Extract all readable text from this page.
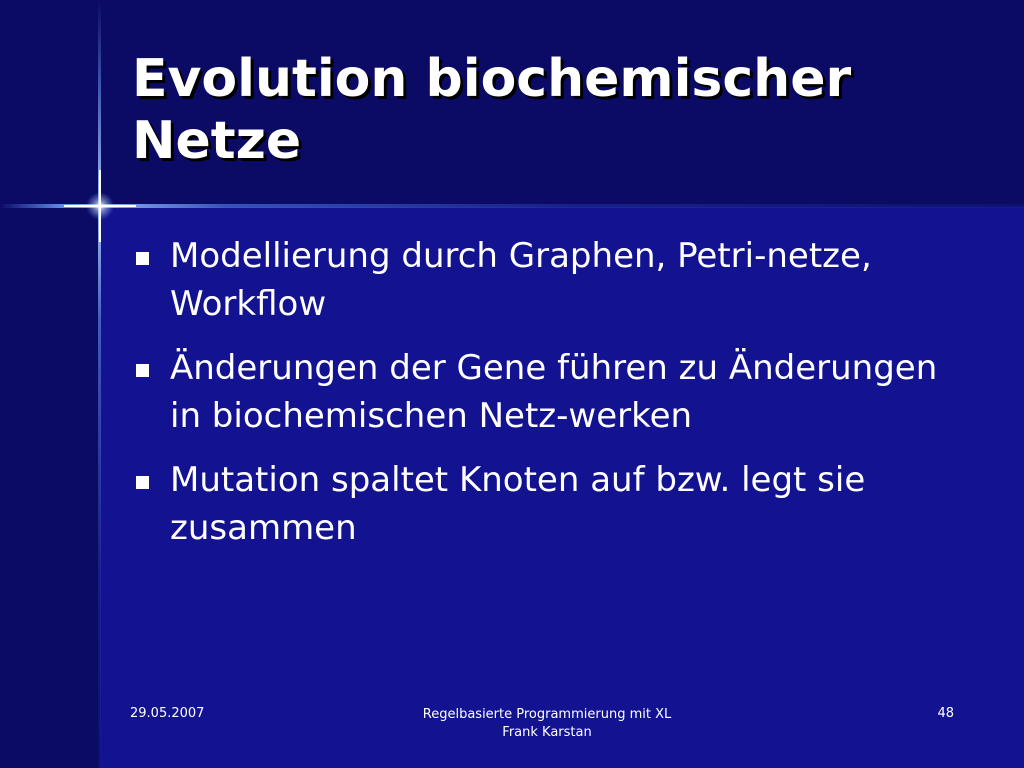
Evolution biochemischer Netze
Modellierung durch Graphen, Petri-netze, Workflow
Änderungen der Gene führen zu Änderungen in biochemischen Netz-werken
Mutation spaltet Knoten auf bzw. legt sie zusammen
29.05.2007	Regelbasierte Programmierung mit XL
Frank Karstan
48
